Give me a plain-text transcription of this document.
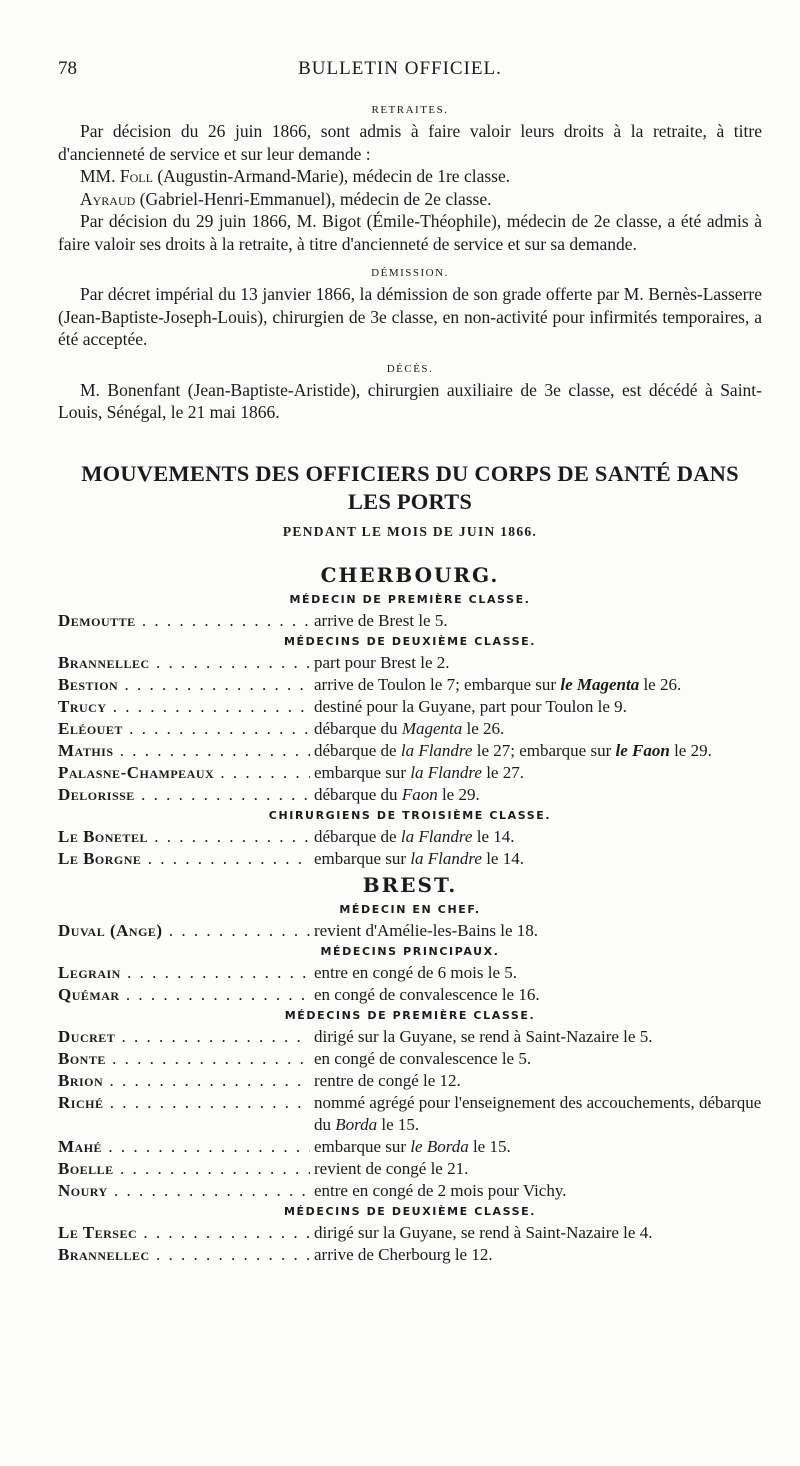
78	BULLETIN OFFICIEL.

RETRAITES.

Par décision du 26 juin 1866, sont admis à faire valoir leurs droits à la retraite, à titre d'ancienneté de service et sur leur demande :

MM. Foll (Augustin-Armand-Marie), médecin de 1re classe.

Ayraud (Gabriel-Henri-Emmanuel), médecin de 2e classe.

Par décision du 29 juin 1866, M. Bigot (Émile-Théophile), médecin de 2e classe, a été admis à faire valoir ses droits à la retraite, à titre d'ancienneté de service et sur sa demande.

DÉMISSION.

Par décret impérial du 13 janvier 1866, la démission de son grade offerte par M. Bernès-Lasserre (Jean-Baptiste-Joseph-Louis), chirurgien de 3e classe, en non-activité pour infirmités temporaires, a été acceptée.

DÉCÈS.

M. Bonenfant (Jean-Baptiste-Aristide), chirurgien auxiliaire de 3e classe, est décédé à Saint-Louis, Sénégal, le 21 mai 1866.

MOUVEMENTS DES OFFICIERS DU CORPS DE SANTÉ DANS LES PORTS

PENDANT LE MOIS DE JUIN 1866.

CHERBOURG.

MÉDECIN DE PREMIÈRE CLASSE.

Demoutte . . .	arrive de Brest le 5.

MÉDECINS DE DEUXIÈME CLASSE.

Brannellec . . .	part pour Brest le 2.
Bestion . . .	arrive de Toulon le 7; embarque sur le Magenta le 26.
Trucy . . .	destiné pour la Guyane, part pour Toulon le 9.
Eléouet . . .	débarque du Magenta le 26.
Mathis . . .	débarque de la Flandre le 27; embarque sur le Faon le 29.
Palasne-Champeaux . . .	embarque sur la Flandre le 27.
Delorisse . . .	débarque du Faon le 29.

CHIRURGIENS DE TROISIÈME CLASSE.

Le Bonetel . . .	débarque de la Flandre le 14.
Le Borgne . . .	embarque sur la Flandre le 14.

BREST.

MÉDECIN EN CHEF.

Duval (Ange) . . .	revient d'Amélie-les-Bains le 18.

MÉDECINS PRINCIPAUX.

Legrain . . .	entre en congé de 6 mois le 5.
Quémar . . .	en congé de convalescence le 16.

MÉDECINS DE PREMIÈRE CLASSE.

Ducret . . .	dirigé sur la Guyane, se rend à Saint-Nazaire le 5.
Bonte . . .	en congé de convalescence le 5.
Brion . . .	rentre de congé le 12.
Riché . . .	nommé agrégé pour l'enseignement des accouchements, débarque du Borda le 15.
Mahé . . .	embarque sur le Borda le 15.
Boelle . . .	revient de congé le 21.
Noury . . .	entre en congé de 2 mois pour Vichy.

MÉDECINS DE DEUXIÈME CLASSE.

Le Tersec . . .	dirigé sur la Guyane, se rend à Saint-Nazaire le 4.
Brannellec . . .	arrive de Cherbourg le 12.
